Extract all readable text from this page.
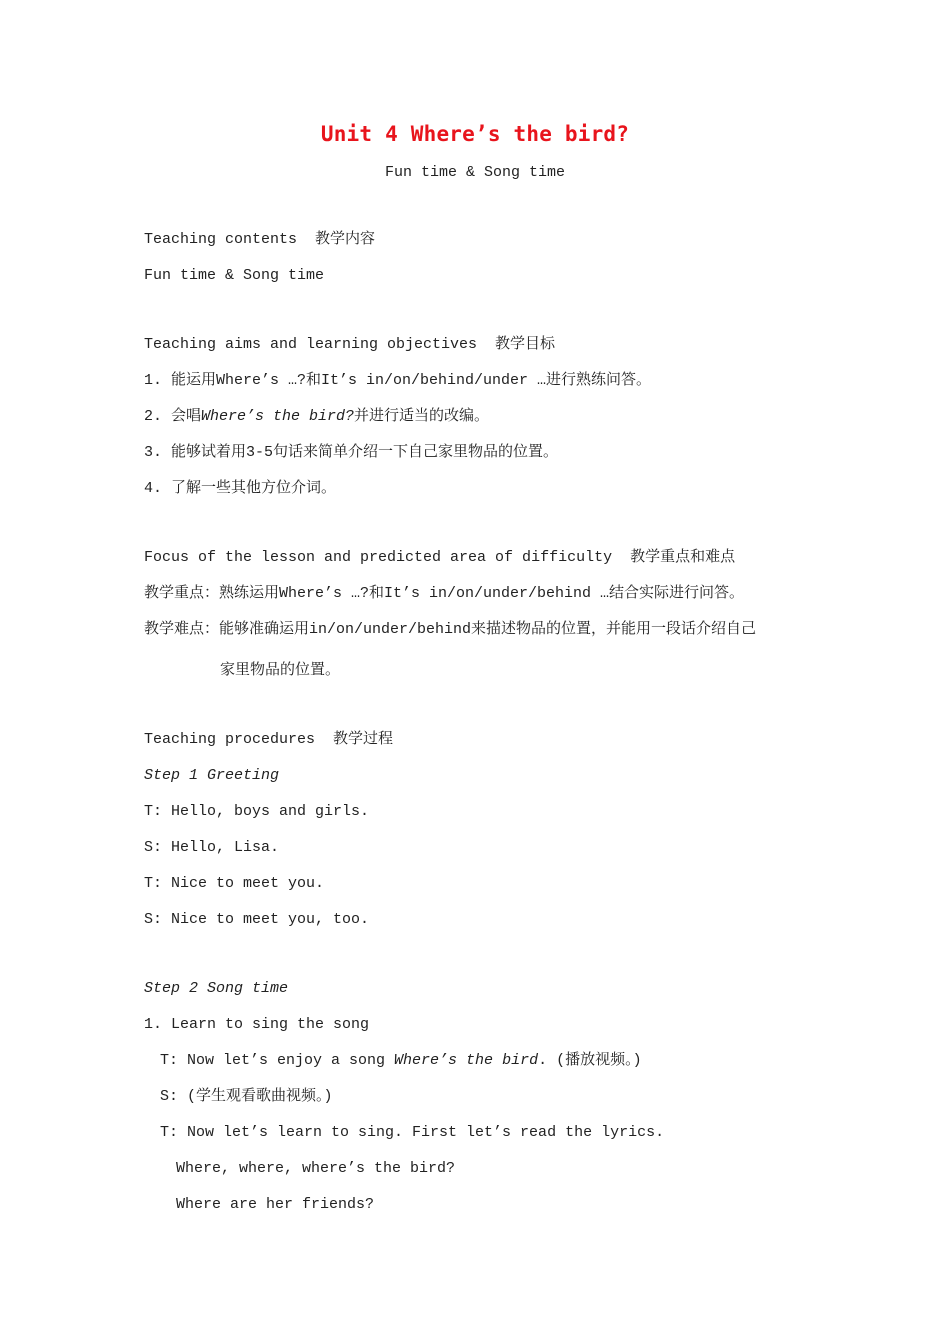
Unit 4 Where’s the bird?
Fun time & Song time
Teaching contents  教学内容
Fun time & Song time
Teaching aims and learning objectives  教学目标
1. 能运用Where’s …?和It’s in/on/behind/under …进行熟练问答。
2. 会唱Where’s the bird?并进行适当的改编。
3. 能够试着用3-5句话来简单介绍一下自己家里物品的位置。
4. 了解一些其他方位介词。
Focus of the lesson and predicted area of difficulty  教学重点和难点
教学重点：熟练运用Where’s …?和It’s in/on/under/behind …结合实际进行问答。
教学难点：能够准确运用in/on/under/behind来描述物品的位置，并能用一段话介绍自己
家里物品的位置。
Teaching procedures  教学过程
Step 1 Greeting
T: Hello, boys and girls.
S: Hello, Lisa.
T: Nice to meet you.
S: Nice to meet you, too.
Step 2 Song time
1. Learn to sing the song
T: Now let’s enjoy a song Where’s the bird. (播放视频。)
S: (学生观看歌曲视频。)
T: Now let’s learn to sing. First let’s read the lyrics.
Where, where, where’s the bird?
Where are her friends?
